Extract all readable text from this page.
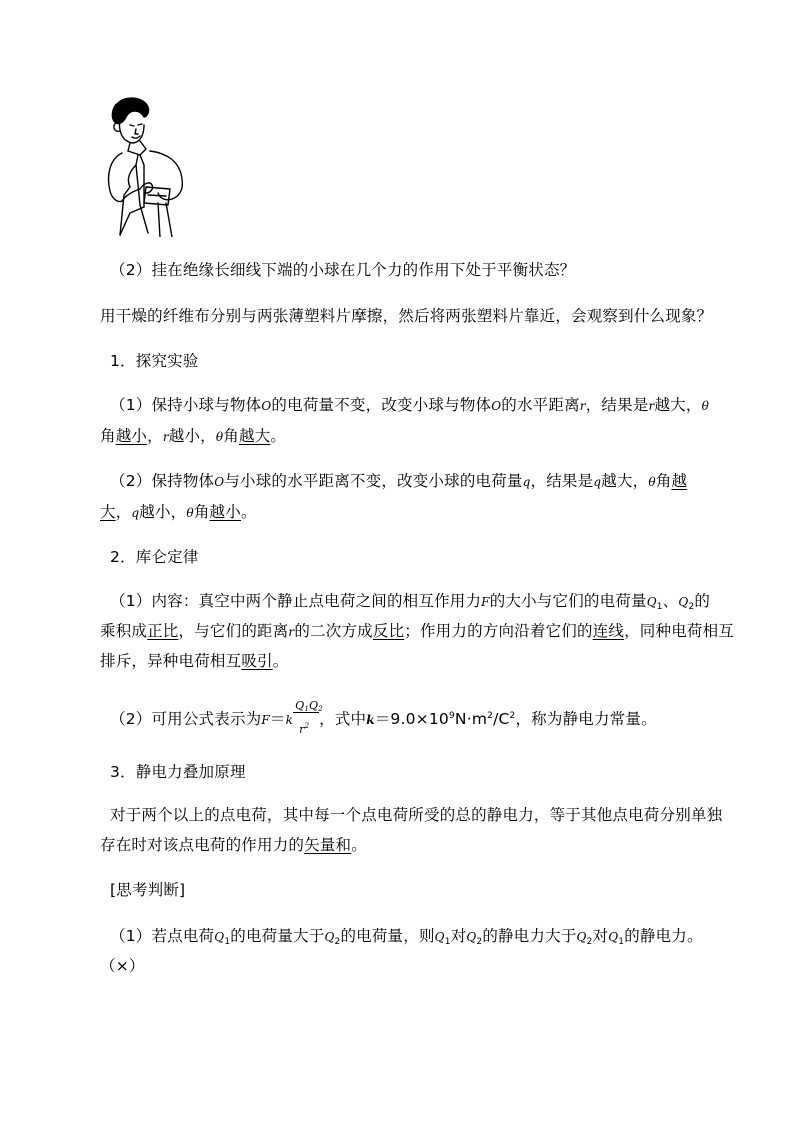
（2）挂在绝缘长细线下端的小球在几个力的作用下处于平衡状态？
用干燥的纤维布分别与两张薄塑料片摩擦，然后将两张塑料片靠近，会观察到什么现象？
1．探究实验
（1）保持小球与物体O的电荷量不变，改变小球与物体O的水平距离r，结果是r越大，θ
角越小，r越小，θ角越大。
（2）保持物体O与小球的水平距离不变，改变小球的电荷量q，结果是q越大，θ角越
大，q越小，θ角越小。
2．库仑定律
（1）内容：真空中两个静止点电荷之间的相互作用力F的大小与它们的电荷量$Q_1$、$Q_2$的
乘积成正比，与它们的距离r的二次方成反比；作用力的方向沿着它们的连线，同种电荷相互
排斥，异种电荷相互吸引。
（2）可用公式表示为$F=k \frac{Q1Q2}{r^2}$ ，式中$k=9.0\times 10^9N\cdot m^2/C^2$，称为静电力常量。
3．静电力叠加原理
对于两个以上的点电荷，其中每一个点电荷所受的总的静电力，等于其他点电荷分别单独
存在时对该点电荷的作用力的矢量和。
[思考判断]
（1）若点电荷$Q_1$的电荷量大于$Q_2$的电荷量，则$Q_1$对$Q_2$的静电力大于$Q_2$对$Q_1$的静电力。
（×）
